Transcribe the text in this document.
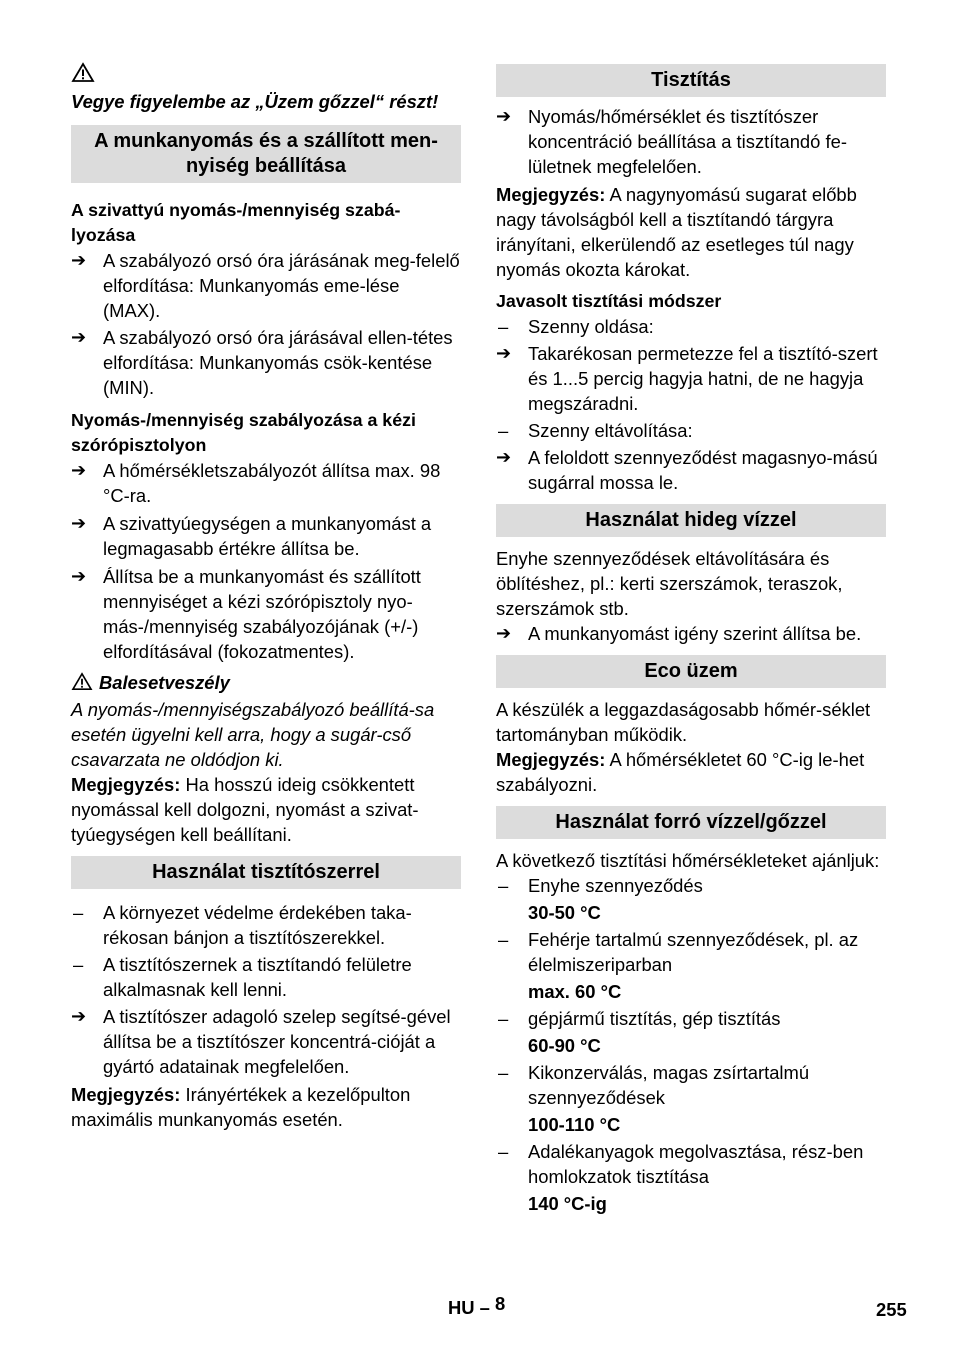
Vegye figyelembe az „Üzem gőzzel“ részt!

A munkanyomás és a szállított men-
nyiség beállítása

A szivattyú nyomás-/mennyiség szabá-lyozása

➔ A szabályozó orsó óra járásának meg-felelő elfordítása: Munkanyomás eme-lése (MAX).
➔ A szabályozó orsó óra járásával ellen-tétes elfordítása: Munkanyomás csök-kentése (MIN).

Nyomás-/mennyiség szabályozása a kézi szórópisztolyon

➔ A hőmérsékletszabályozót állítsa max. 98 °C-ra.
➔ A szivattyúegységen a munkanyomást a legmagasabb értékre állítsa be.
➔ Állítsa be a munkanyomást és szállított mennyiséget a kézi szórópisztoly nyo-más-/mennyiség szabályozójának (+/-) elfordításával (fokozatmentes).

Balesetveszély

A nyomás-/mennyiségszabályozó beállítá-sa esetén ügyelni kell arra, hogy a sugár-cső csavarzata ne oldódjon ki.

Megjegyzés: Ha hosszú ideig csökkentett nyomással kell dolgozni, nyomást a szivat-tyúegységen kell beállítani.

Használat tisztítószerrel
–	A környezet védelme érdekében taka-rékosan bánjon a tisztítószerekkel.
–	A tisztítószernek a tisztítandó felületre alkalmasnak kell lenni.
➔ A tisztítószer adagoló szelep segítsé-gével állítsa be a tisztítószer koncentrá-cióját a gyártó adatainak megfelelően.

Megjegyzés: Irányértékek a kezelőpulton maximális munkanyomás esetén.

Tisztítás
➔ Nyomás/hőmérséklet és tisztítószer koncentráció beállítása a tisztítandó fe-lületnek megfelelően.

Megjegyzés: A nagynyomású sugarat előbb nagy távolságból kell a tisztítandó tárgyra irányítani, elkerülendő az esetleges túl nagy nyomás okozta károkat.

Javasolt tisztítási módszer

–	Szenny oldása:
➔ Takarékosan permetezze fel a tisztító-szert és 1...5 percig hagyja hatni, de ne hagyja megszáradni.
–	Szenny eltávolítása:
➔ A feloldott szennyeződést magasnyo-mású sugárral mossa le.
Használat hideg vízzel

Enyhe szennyeződések eltávolítására és öblítéshez, pl.: kerti szerszámok, teraszok, szerszámok stb.

➔ A munkanyomást igény szerint állítsa be.
Eco üzem

A készülék a leggazdaságosabb hőmér-séklet tartományban működik.

Megjegyzés: A hőmérsékletet 60 °C-ig le-het szabályozni.

Használat forró vízzel/gőzzel

A következő tisztítási hőmérsékleteket ajánljuk:

–	Enyhe szennyeződés

30-50 °C

–	Fehérje tartalmú szennyeződések, pl. az élelmiszeriparban

max. 60 °C

–	gépjármű tisztítás, gép tisztítás

60-90 °C

–	Kikonzerválás, magas zsírtartalmú szennyeződések

100-110 °C

–	Adalékanyagok megolvasztása, rész-ben homlokzatok tisztítása

140 °C-ig

HU – 8	255
